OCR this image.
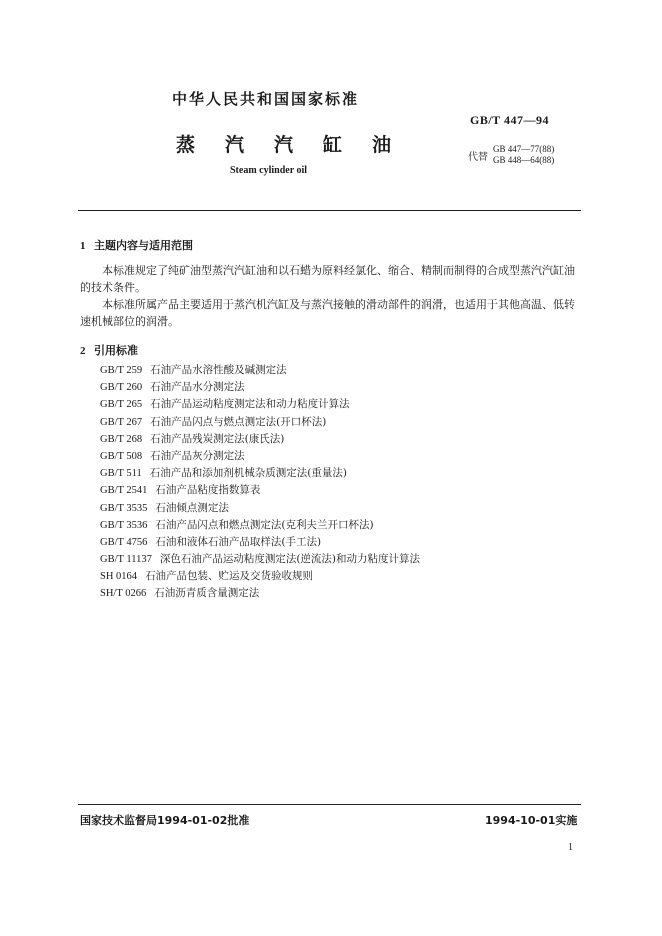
中华人民共和国国家标准
GB/T 447—94
蒸汽汽缸油
代替
GB 447—77(88)
GB 448—64(88)
Steam cylinder oil
1 主题内容与适用范围
本标准规定了纯矿油型蒸汽汽缸油和以石蜡为原料经氯化、缩合、精制而制得的合成型蒸汽汽缸油的技术条件。
本标准所属产品主要适用于蒸汽机汽缸及与蒸汽接触的滑动部件的润滑，也适用于其他高温、低转速机械部位的润滑。
2 引用标准
GB/T 259 石油产品水溶性酸及碱测定法
GB/T 260 石油产品水分测定法
GB/T 265 石油产品运动粘度测定法和动力粘度计算法
GB/T 267 石油产品闪点与燃点测定法(开口杯法)
GB/T 268 石油产品残炭测定法(康氏法)
GB/T 508 石油产品灰分测定法
GB/T 511 石油产品和添加剂机械杂质测定法(重量法)
GB/T 2541 石油产品粘度指数算表
GB/T 3535 石油倾点测定法
GB/T 3536 石油产品闪点和燃点测定法(克利夫兰开口杯法)
GB/T 4756 石油和液体石油产品取样法(手工法)
GB/T 11137 深色石油产品运动粘度测定法(逆流法)和动力粘度计算法
SH 0164 石油产品包装、贮运及交货验收规则
SH/T 0266 石油沥青质含量测定法
国家技术监督局1994-01-02批准	1994-10-01实施
1
